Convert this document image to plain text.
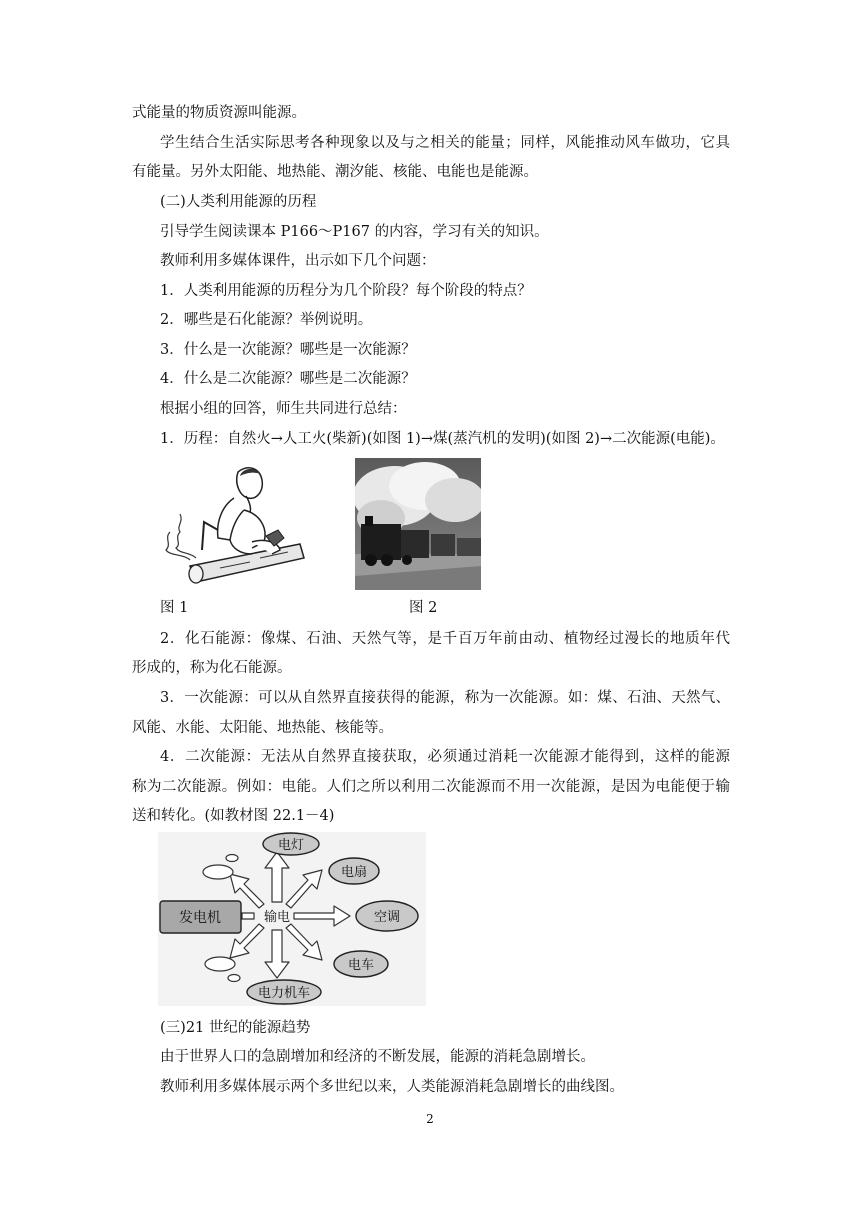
式能量的物质资源叫能源。
学生结合生活实际思考各种现象以及与之相关的能量；同样，风能推动风车做功，它具
有能量。另外太阳能、地热能、潮汐能、核能、电能也是能源。
(二)人类利用能源的历程
引导学生阅读课本 P166～P167 的内容，学习有关的知识。
教师利用多媒体课件，出示如下几个问题：
1．人类利用能源的历程分为几个阶段？每个阶段的特点？
2．哪些是石化能源？举例说明。
3．什么是一次能源？哪些是一次能源？
4．什么是二次能源？哪些是二次能源？
根据小组的回答，师生共同进行总结：
1．历程：自然火→人工火(柴新)(如图 1)→煤(蒸汽机的发明)(如图 2)→二次能源(电能)。
图 1	图 2
2．化石能源：像煤、石油、天然气等，是千百万年前由动、植物经过漫长的地质年代
形成的，称为化石能源。
3．一次能源：可以从自然界直接获得的能源，称为一次能源。如：煤、石油、天然气、
风能、水能、太阳能、地热能、核能等。
4．二次能源：无法从自然界直接获取，必须通过消耗一次能源才能得到，这样的能源
称为二次能源。例如：电能。人们之所以利用二次能源而不用一次能源，是因为电能便于输
送和转化。(如教材图 22.1－4)
发电机	输电
电灯
电扇
空调
电车
电力机车
(三)21 世纪的能源趋势
由于世界人口的急剧增加和经济的不断发展，能源的消耗急剧增长。
教师利用多媒体展示两个多世纪以来，人类能源消耗急剧增长的曲线图。
2
